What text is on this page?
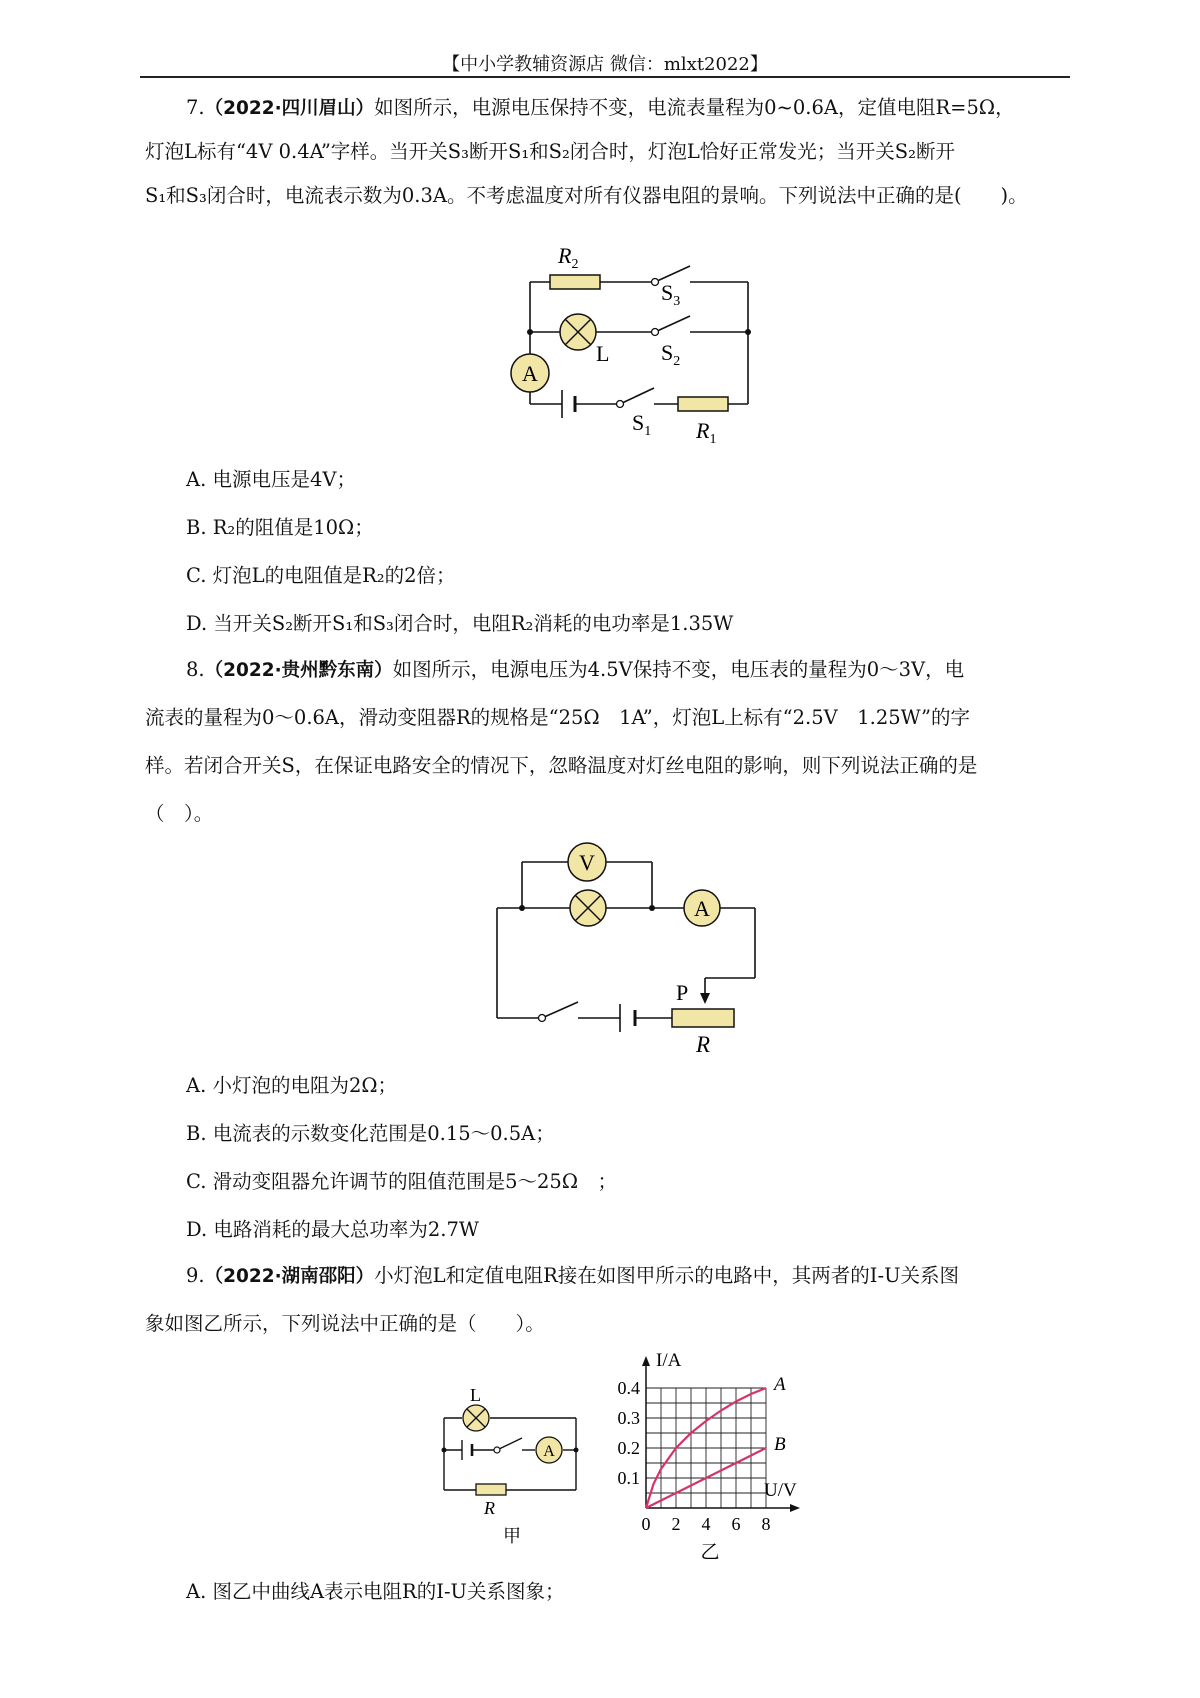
【中小学教辅资源店 微信：mlxt2022】
7.（2022·四川眉山）如图所示，电源电压保持不变，电流表量程为0~0.6A，定值电阻R=5Ω，
灯泡L标有“4V 0.4A”字样。当开关S₃断开S₁和S₂闭合时，灯泡L恰好正常发光；当开关S₂断开
S₁和S₃闭合时，电流表示数为0.3A。不考虑温度对所有仪器电阻的景响。下列说法中正确的是(　　)。
A
$R_2$
$S_3$
L $S_2$
$S_1$ $R_1$
A. 电源电压是4V；
B. R₂的阻值是10Ω；
C. 灯泡L的电阻值是R₂的2倍；
D. 当开关S₂断开S₁和S₃闭合时，电阻R₂消耗的电功率是1.35W
8.（2022·贵州黔东南）如图所示，电源电压为4.5V保持不变，电压表的量程为0～3V，电
流表的量程为0～0.6A，滑动变阻器R的规格是“25Ω　1A”，灯泡L上标有“2.5V　1.25W”的字
样。若闭合开关S，在保证电路安全的情况下，忽略温度对灯丝电阻的影响，则下列说法正确的是
（　）。
V
A
P
R
A. 小灯泡的电阻为2Ω；
B. 电流表的示数变化范围是0.15～0.5A；
C. 滑动变阻器允许调节的阻值范围是5～25Ω　；
D. 电路消耗的最大总功率为2.7W
9.（2022·湖南邵阳）小灯泡L和定值电阻R接在如图甲所示的电路中，其两者的I-U关系图
象如图乙所示，下列说法中正确的是（　　）。
A
L
R
甲
0 2 4 6 8
0.1
0.2
0.3
0.4
I/A
U/V
乙
A
B
A. 图乙中曲线A表示电阻R的I-U关系图象；
